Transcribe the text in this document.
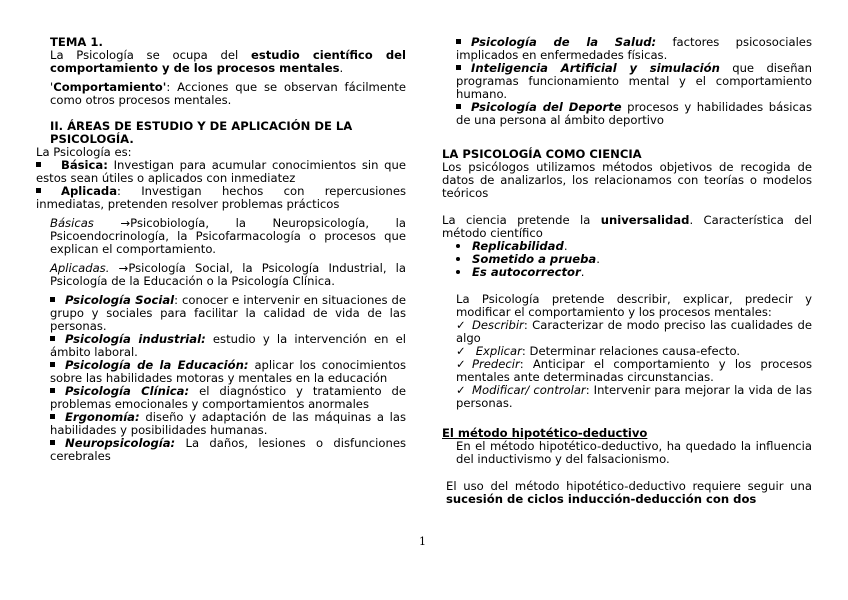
TEMA 1.

La Psicología se ocupa del estudio científico del comportamiento y de los procesos mentales.

'Comportamiento': Acciones que se observan fácilmente como otros procesos mentales.

II. ÁREAS DE ESTUDIO Y DE APLICACIÓN DE LA PSICOLOGÍA.

La Psicología es:

Básica: Investigan para acumular conocimientos sin que estos sean útiles o aplicados con inmediatez

Aplicada: Investigan hechos con repercusiones inmediatas, pretenden resolver problemas prácticos

Básicas →Psicobiología, la Neuropsicología, la Psicoendocrinología, la Psicofarmacología o procesos que explican el comportamiento.

Aplicadas. →Psicología Social, la Psicología Industrial, la Psicología de la Educación o la Psicología Clínica.

Psicología Social: conocer e intervenir en situaciones de grupo y sociales para facilitar la calidad de vida de las personas.

Psicología industrial: estudio y la intervención en el ámbito laboral.

Psicología de la Educación: aplicar los conocimientos sobre las habilidades motoras y mentales en la educación

Psicología Clínica: el diagnóstico y tratamiento de problemas emocionales y comportamientos anormales

Ergonomía: diseño y adaptación de las máquinas a las habilidades y posibilidades humanas.

Neuropsicología: La daños, lesiones o disfunciones cerebrales

Psicología de la Salud: factores psicosociales implicados en enfermedades físicas.

Inteligencia Artificial y simulación que diseñan programas funcionamiento mental y el comportamiento humano.

Psicología del Deporte procesos y habilidades básicas de una persona al ámbito deportivo

LA PSICOLOGÍA COMO CIENCIA

Los psicólogos utilizamos métodos objetivos de recogida de datos de analizarlos, los relacionamos con teorías o modelos teóricos

La ciencia pretende la universalidad. Característica del método científico

Replicabilidad.

Sometido a prueba.

Es autocorrector.

La Psicología pretende describir, explicar, predecir y modificar el comportamiento y los procesos mentales:

✓ Describir: Caracterizar de modo preciso las cualidades de algo

✓ Explicar: Determinar relaciones causa-efecto.

✓ Predecir: Anticipar el comportamiento y los procesos mentales ante determinadas circunstancias.

✓ Modificar/ controlar: Intervenir para mejorar la vida de las personas.

El método hipotético-deductivo

En el método hipotético-deductivo, ha quedado la influencia del inductivismo y del falsacionismo.

El uso del método hipotético-deductivo requiere seguir una sucesión de ciclos inducción-deducción con dos

1
